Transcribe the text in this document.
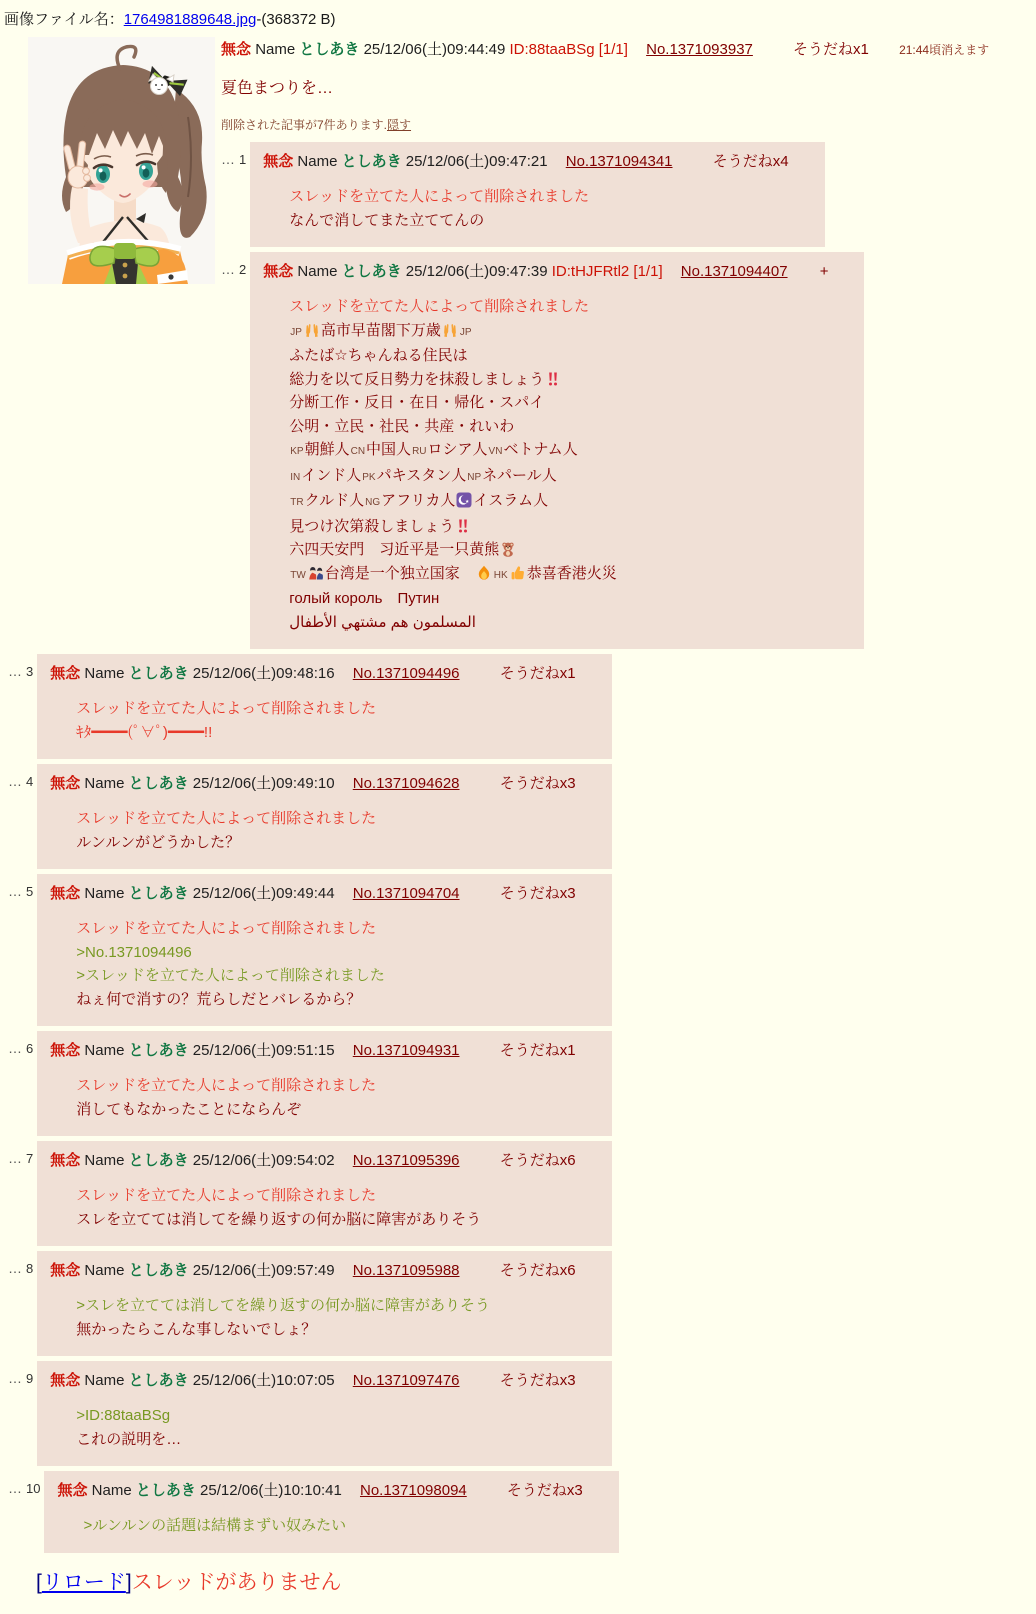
画像ファイル名：1764981889648.jpg-(368372 B)
無念 Name としあき 25/12/06(土)09:44:49 ID:88taaBSg [1/1] No.1371093937	そうだねx1	21:44頃消えます
夏色まつりを…
削除された記事が7件あります.隠す
… 1 無念 Name としあき 25/12/06(土)09:47:21 No.1371094341	そうだねx4
スレッドを立てた人によって削除されました
なんで消してまた立ててんの
… 2 無念 Name としあき 25/12/06(土)09:47:39 ID:tHJFRtl2 [1/1] No.1371094407 +
スレッドを立てた人によって削除されました
JP 高市早苗閣下万歳 JP
ふたば☆ちゃんねる住民は
総力を以て反日勢力を抹殺しましょう
分断工作・反日・在日・帰化・スパイ
公明・立民・社民・共産・れいわ
KP朝鮮人CN中国人RUロシア人VNベトナム人
INインド人PKパキスタン人NPネパール人
TRクルド人NGアフリカ人 イスラム人
見つけ次第殺しましょう
六四天安門　习近平是一只黄熊
TW 台湾是一个独立国家　
HK 恭喜香港火災
голый король　Путин
المسلمون هم مشتهي الأطفال
… 3 無念 Name としあき 25/12/06(土)09:48:16 No.1371094496	そうだねx1
スレッドを立てた人によって削除されました
ｷﾀ━━━━(ﾟ∀ﾟ)━━━━!!
… 4 無念 Name としあき 25/12/06(土)09:49:10 No.1371094628	そうだねx3
スレッドを立てた人によって削除されました
ルンルンがどうかした？
… 5 無念 Name としあき 25/12/06(土)09:49:44 No.1371094704	そうだねx3
スレッドを立てた人によって削除されました
>No.1371094496
>スレッドを立てた人によって削除されました
ねぇ何で消すの？荒らしだとバレるから？
… 6 無念 Name としあき 25/12/06(土)09:51:15 No.1371094931	そうだねx1
スレッドを立てた人によって削除されました
消してもなかったことにならんぞ
… 7 無念 Name としあき 25/12/06(土)09:54:02 No.1371095396	そうだねx6
スレッドを立てた人によって削除されました
スレを立てては消してを繰り返すの何か脳に障害がありそう
… 8 無念 Name としあき 25/12/06(土)09:57:49 No.1371095988	そうだねx6
>スレを立てては消してを繰り返すの何か脳に障害がありそう
無かったらこんな事しないでしょ？
… 9 無念 Name としあき 25/12/06(土)10:07:05 No.1371097476	そうだねx3
>ID:88taaBSg
これの説明を…
… 10 無念 Name としあき 25/12/06(土)10:10:41 No.1371098094	そうだねx3
>ルンルンの話題は結構まずい奴みたい
[リロード]スレッドがありません
